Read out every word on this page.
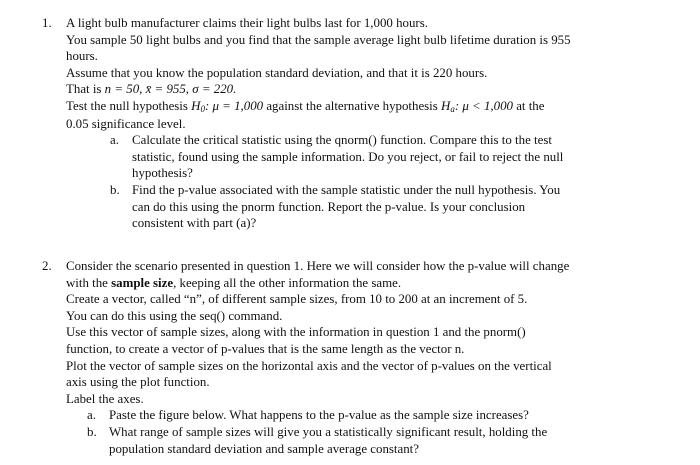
1. A light bulb manufacturer claims their light bulbs last for 1,000 hours.
You sample 50 light bulbs and you find that the sample average light bulb lifetime duration is 955
hours.
Assume that you know the population standard deviation, and that it is 220 hours.
That is n = 50, x̄ = 955, σ = 220.
Test the null hypothesis H0: μ = 1,000 against the alternative hypothesis Ha: μ < 1,000 at the
0.05 significance level.
a. Calculate the critical statistic using the qnorm() function. Compare this to the test
statistic, found using the sample information. Do you reject, or fail to reject the null
hypothesis?
b. Find the p-value associated with the sample statistic under the null hypothesis. You
can do this using the pnorm function. Report the p-value. Is your conclusion
consistent with part (a)?
2. Consider the scenario presented in question 1. Here we will consider how the p-value will change
with the sample size, keeping all the other information the same.
Create a vector, called “n”, of different sample sizes, from 10 to 200 at an increment of 5.
You can do this using the seq() command.
Use this vector of sample sizes, along with the information in question 1 and the pnorm()
function, to create a vector of p-values that is the same length as the vector n.
Plot the vector of sample sizes on the horizontal axis and the vector of p-values on the vertical
axis using the plot function.
Label the axes.
a. Paste the figure below. What happens to the p-value as the sample size increases?
b. What range of sample sizes will give you a statistically significant result, holding the
population standard deviation and sample average constant?
